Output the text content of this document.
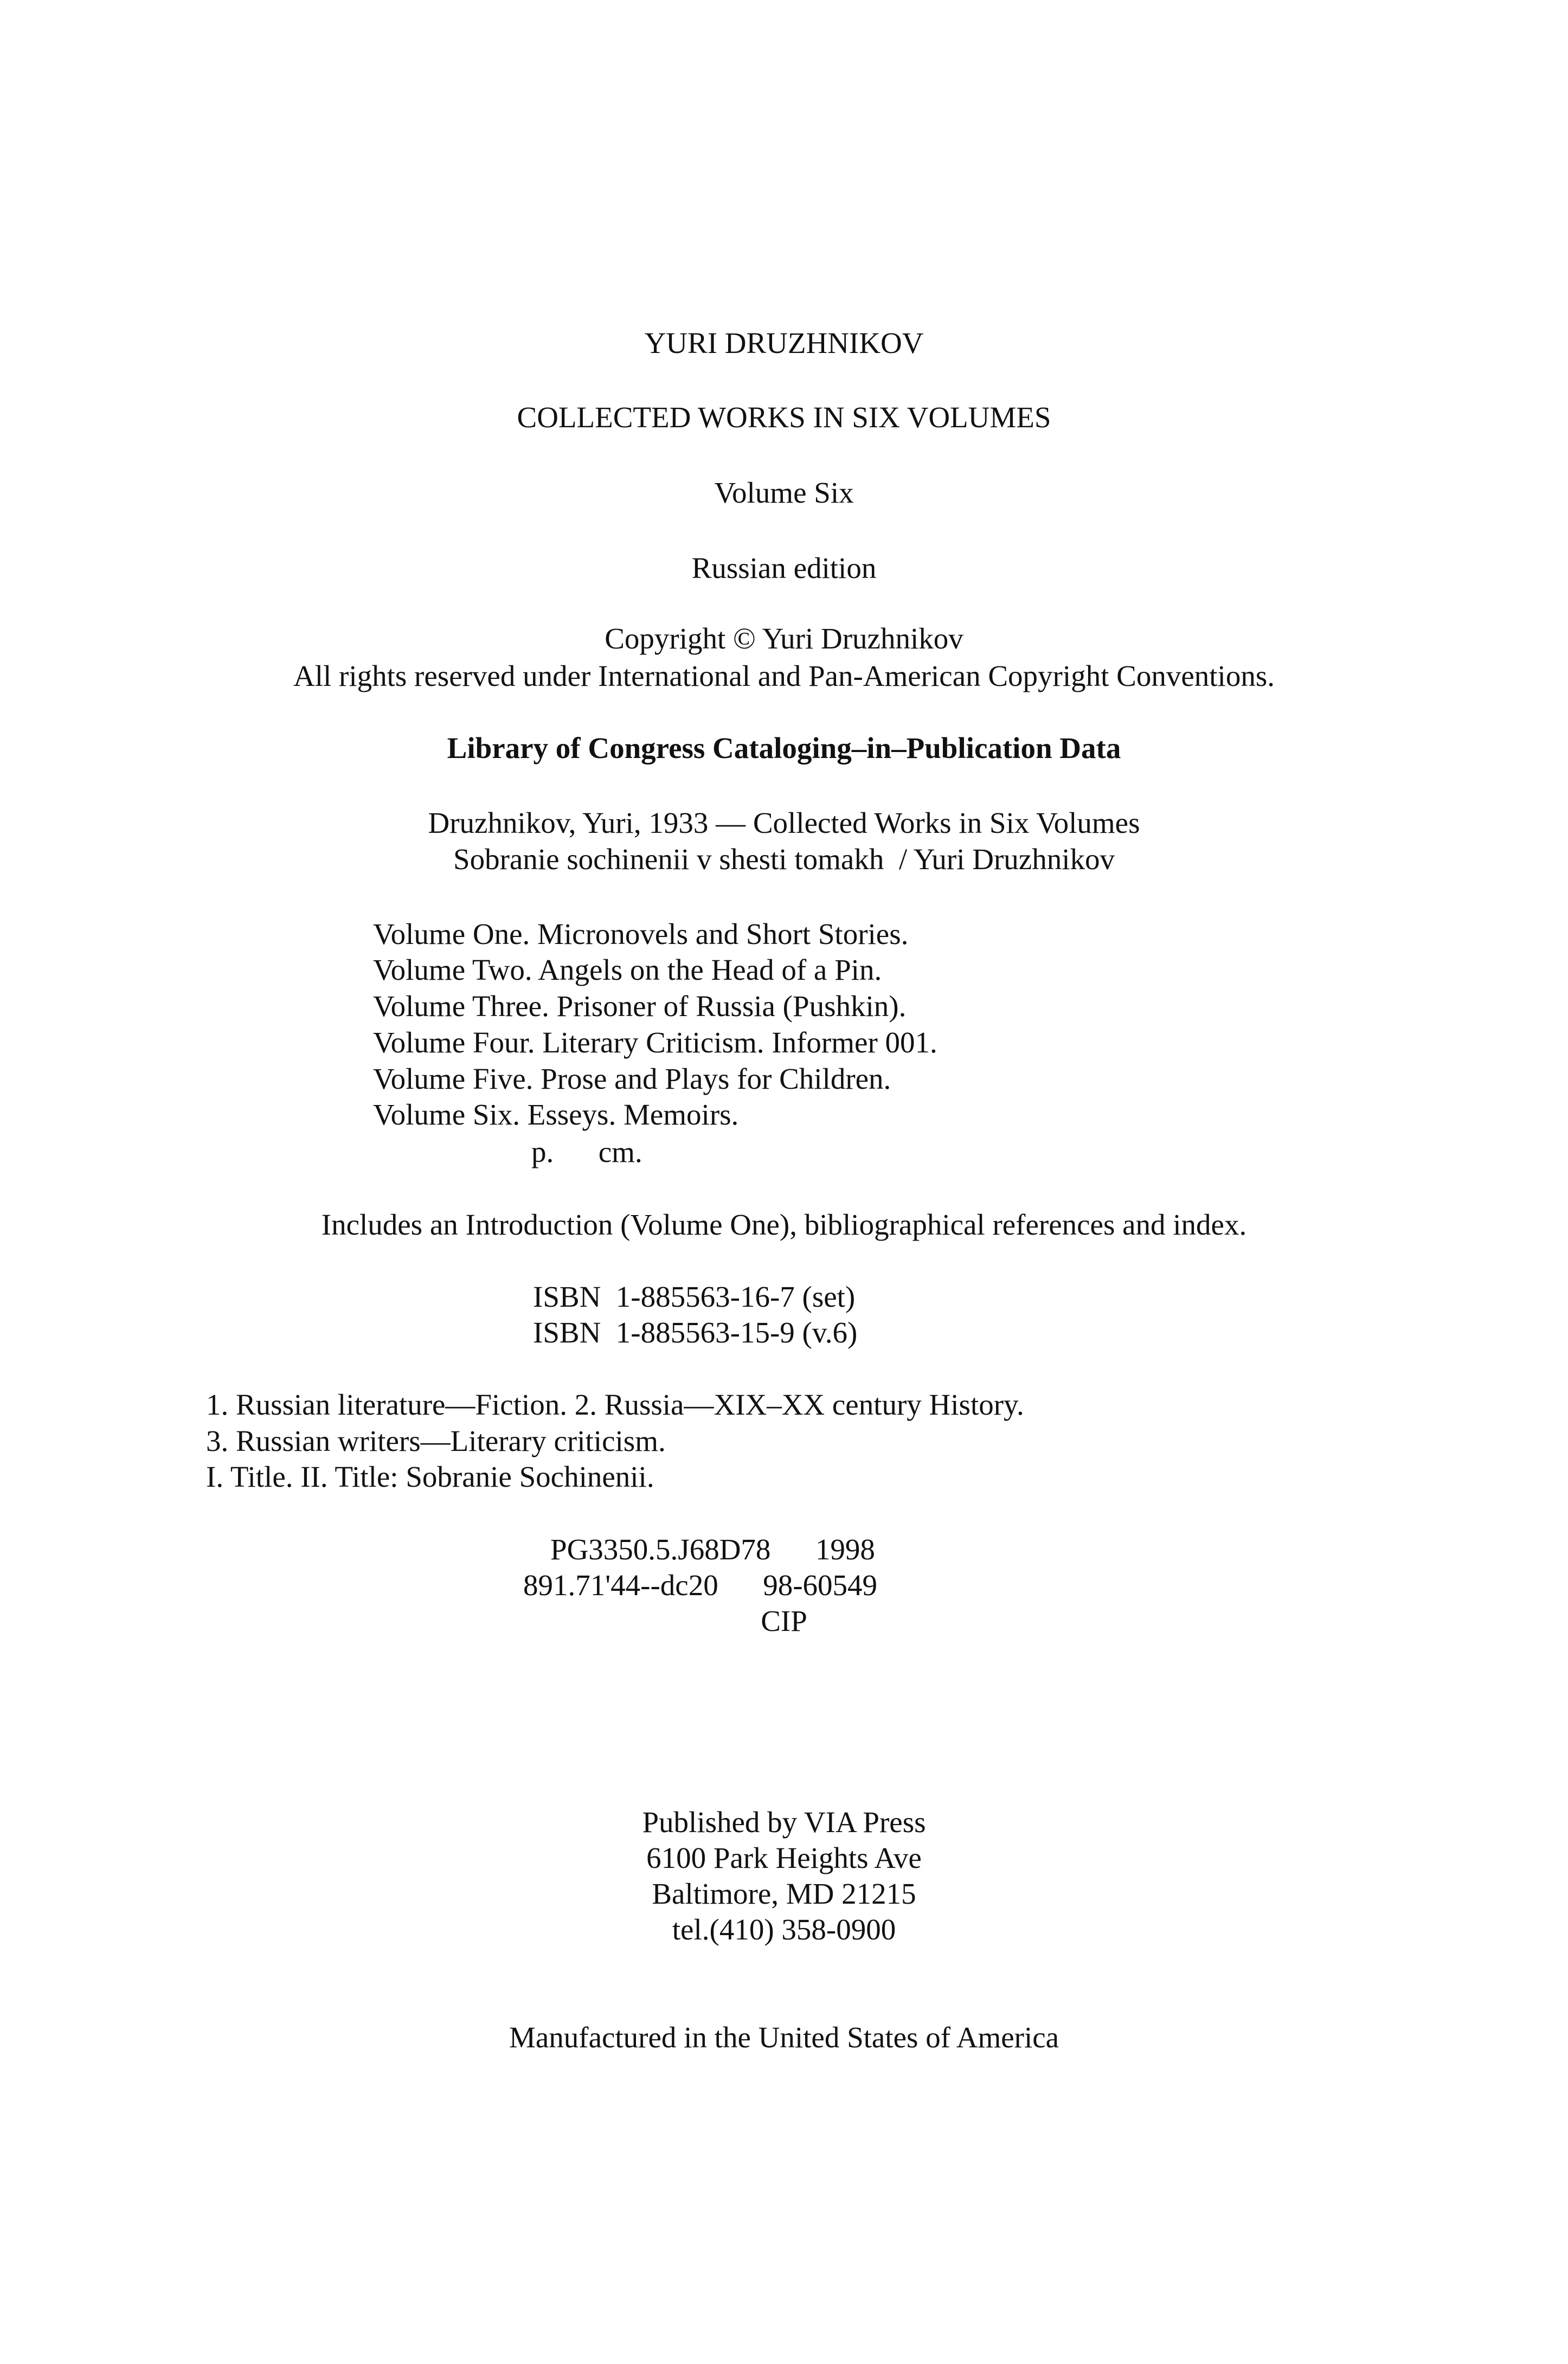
YURI DRUZHNIKOV
COLLECTED WORKS IN SIX VOLUMES
Volume Six
Russian edition
Copyright © Yuri Druzhnikov
All rights reserved under International and Pan-American Copyright Conventions.
Library of Congress Cataloging–in–Publication Data
Druzhnikov, Yuri, 1933 — Collected Works in Six Volumes
Sobranie sochinenii v shesti tomakh  / Yuri Druzhnikov
Volume One. Micronovels and Short Stories.
Volume Two. Angels on the Head of a Pin.
Volume Three. Prisoner of Russia (Pushkin).
Volume Four. Literary Criticism. Informer 001.
Volume Five. Prose and Plays for Children.
Volume Six. Esseys. Memoirs.
p.      cm.
Includes an Introduction (Volume One), bibliographical references and index.
ISBN  1-885563-16-7 (set)
ISBN  1-885563-15-9 (v.6)
1. Russian literature—Fiction. 2. Russia—XIX–XX century History.
3. Russian writers—Literary criticism.
I. Title. II. Title: Sobranie Sochinenii.
PG3350.5.J68D78      1998
891.71'44--dc20      98-60549
CIP
Published by VIA Press
6100 Park Heights Ave
Baltimore, MD 21215
tel.(410) 358-0900
Manufactured in the United States of America
